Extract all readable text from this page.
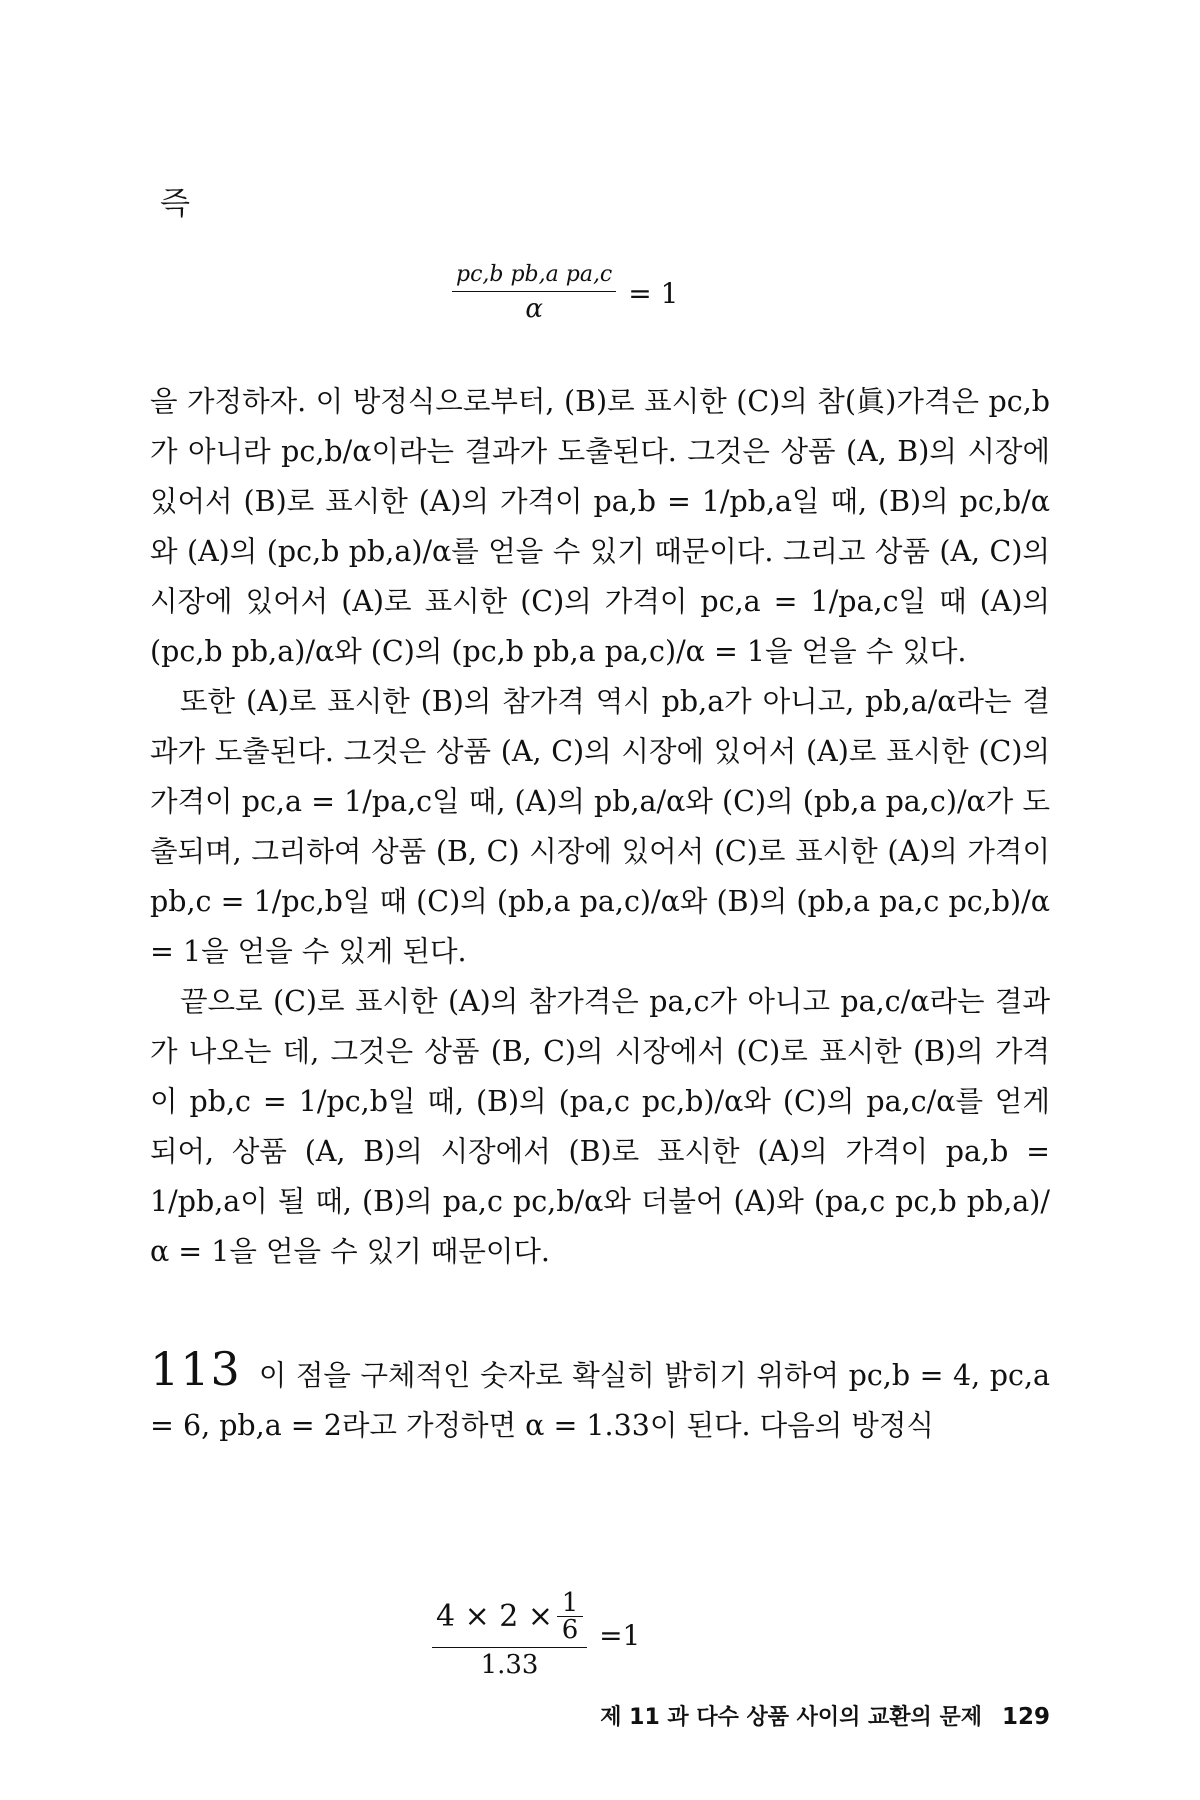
즉
$\frac{\text{pc,b pb,a pa,c}}{\alpha} = 1$

을 가정하자. 이 방정식으로부터, (B)로 표시한 (C)의 참(眞)가격은 pc,b가 아니라 pc,b/α이라는 결과가 도출된다. 그것은 상품 (A, B)의 시장에 있어서 (B)로 표시한 (A)의 가격이 pa,b = 1/pb,a일 때, (B)의 pc,b/α와 (A)의 (pc,b pb,a)/α를 얻을 수 있기 때문이다. 그리고 상품 (A, C)의 시장에 있어서 (A)로 표시한 (C)의 가격이 pc,a = 1/pa,c일 때 (A)의 (pc,b pb,a)/α와 (C)의 (pc,b pb,a pa,c)/α = 1을 얻을 수 있다.

또한 (A)로 표시한 (B)의 참가격 역시 pb,a가 아니고, pb,a/α라는 결과가 도출된다. 그것은 상품 (A, C)의 시장에 있어서 (A)로 표시한 (C)의 가격이 pc,a = 1/pa,c일 때, (A)의 pb,a/α와 (C)의 (pb,a pa,c)/α가 도출되며, 그리하여 상품 (B, C) 시장에 있어서 (C)로 표시한 (A)의 가격이 pb,c = 1/pc,b일 때 (C)의 (pb,a pa,c)/α와 (B)의 (pb,a pa,c pc,b)/α = 1을 얻을 수 있게 된다.

끝으로 (C)로 표시한 (A)의 참가격은 pa,c가 아니고 pa,c/α라는 결과가 나오는 데, 그것은 상품 (B, C)의 시장에서 (C)로 표시한 (B)의 가격이 pb,c = 1/pc,b일 때, (B)의 (pa,c pc,b)/α와 (C)의 pa,c/α를 얻게 되어, 상품 (A, B)의 시장에서 (B)로 표시한 (A)의 가격이 pa,b = 1/pb,a이 될 때, (B)의 pa,c pc,b/α와 더불어 (A)와 (pa,c pc,b pb,a)/α = 1을 얻을 수 있기 때문이다.

113 이 점을 구체적인 숫자로 확실히 밝히기 위하여 pc,b = 4, pc,a = 6, pb,a = 2라고 가정하면 α = 1.33이 된다. 다음의 방정식

4 × 2 × 1
6
1.33 =1
제 11 과 다수 상품 사이의 교환의 문제 129
